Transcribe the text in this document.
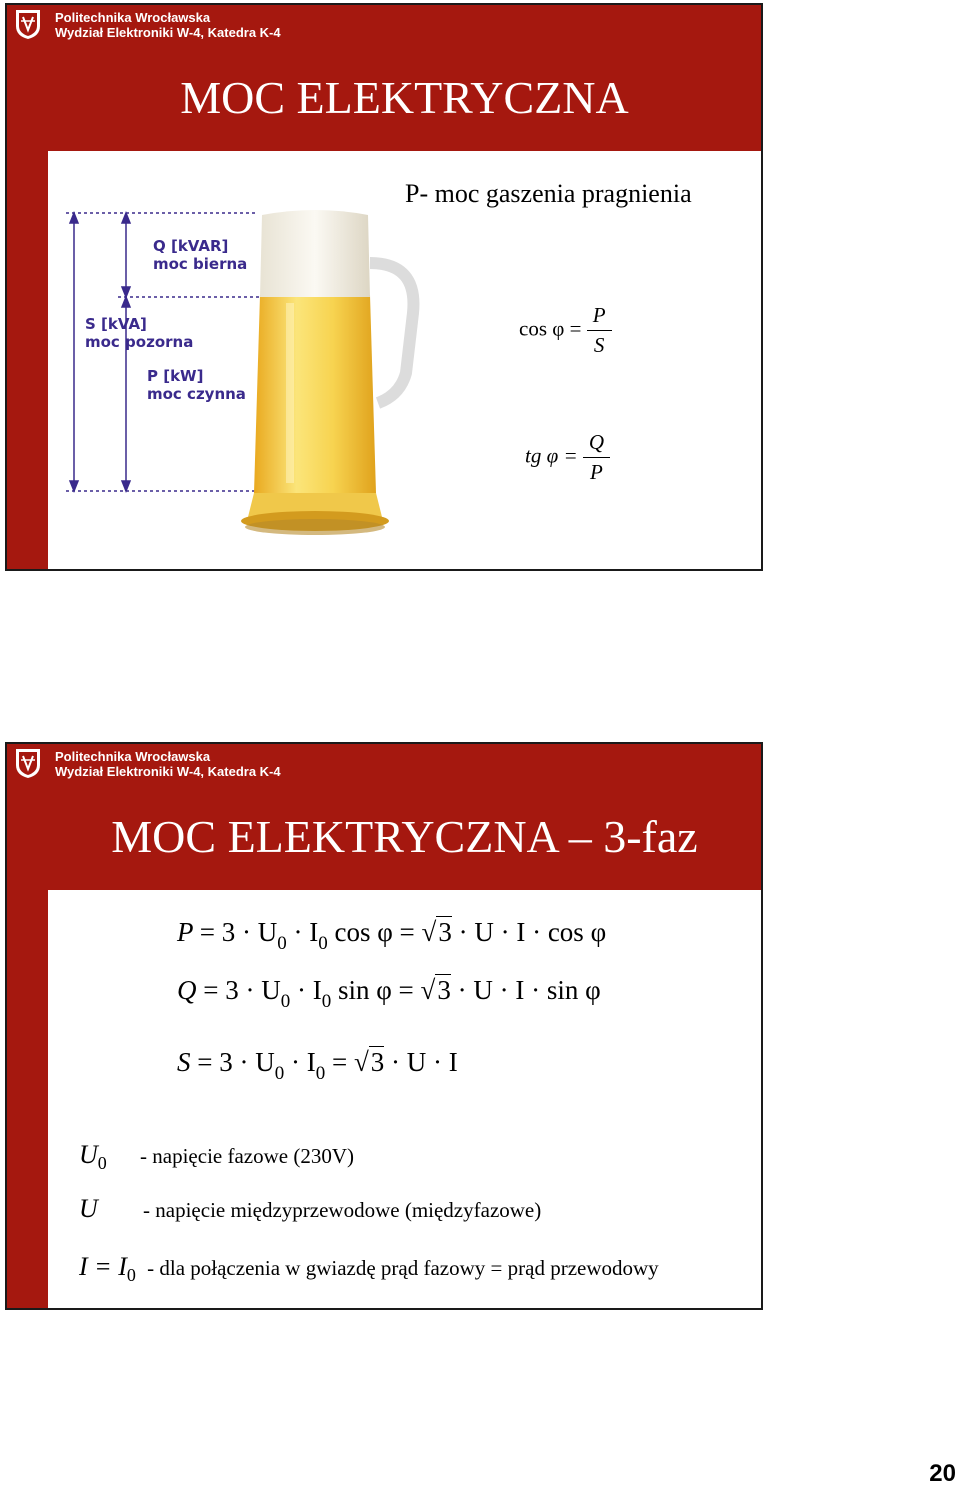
Politechnika Wrocławska
Wydział Elektroniki W-4, Katedra K-4
MOC ELEKTRYCZNA
P- moc gaszenia pragnienia
Q [kVAR]
moc bierna
S [kVA]
moc pozorna
P [kW]
moc czynna
$\cos \varphi = \frac{P}{S}$
tg $\varphi = \frac{Q}{P}$
Politechnika Wrocławska
Wydział Elektroniki W-4, Katedra K-4
MOC ELEKTRYCZNA – 3-faz
$P = 3 \cdot U_0 \cdot I_0$ cos φ = √3 · U · I · cos φ
$Q = 3 \cdot U_0 \cdot I_0$ sin φ = √3 · U · I · sin φ
$S = 3 \cdot U_0 \cdot I_0 = √3 \cdot U \cdot I$
$U_0$ - napięcie fazowe (230V)
U - napięcie międzyprzewodowe (międzyfazowe)
$I = I_0$ - dla połączenia w gwiazdę prąd fazowy = prąd przewodowy
20
